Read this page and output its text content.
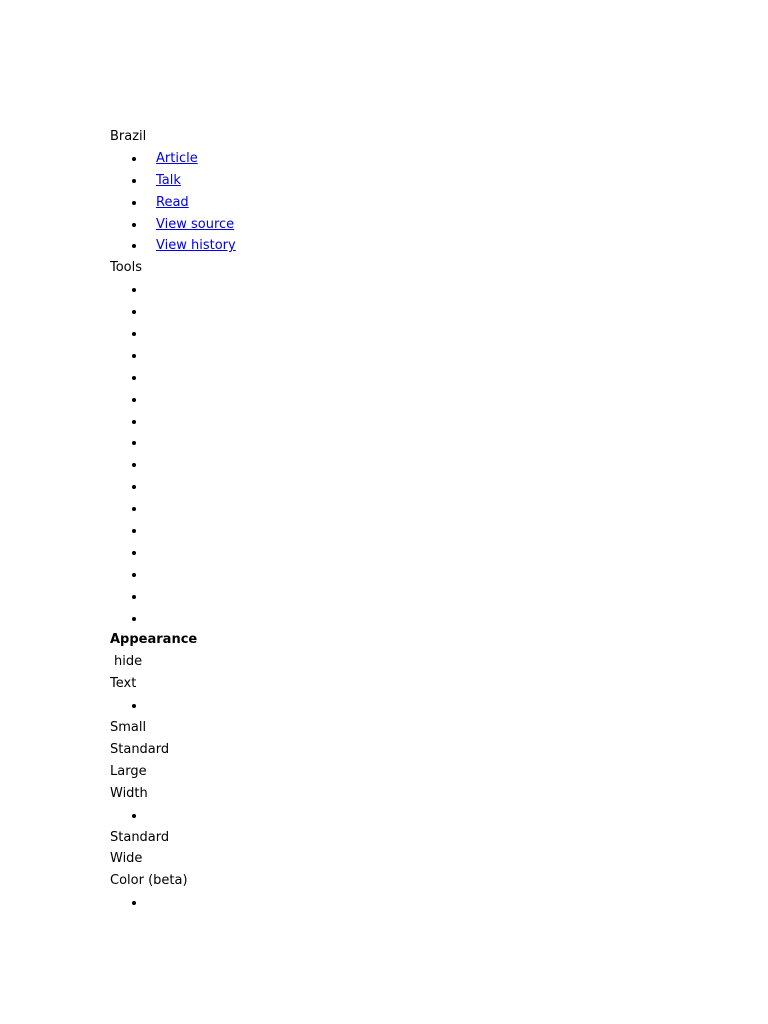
Brazil
Article
Talk
Read
View source
View history
Tools
Appearance
hide
Text
Small
Standard
Large
Width
Standard
Wide
Color (beta)
